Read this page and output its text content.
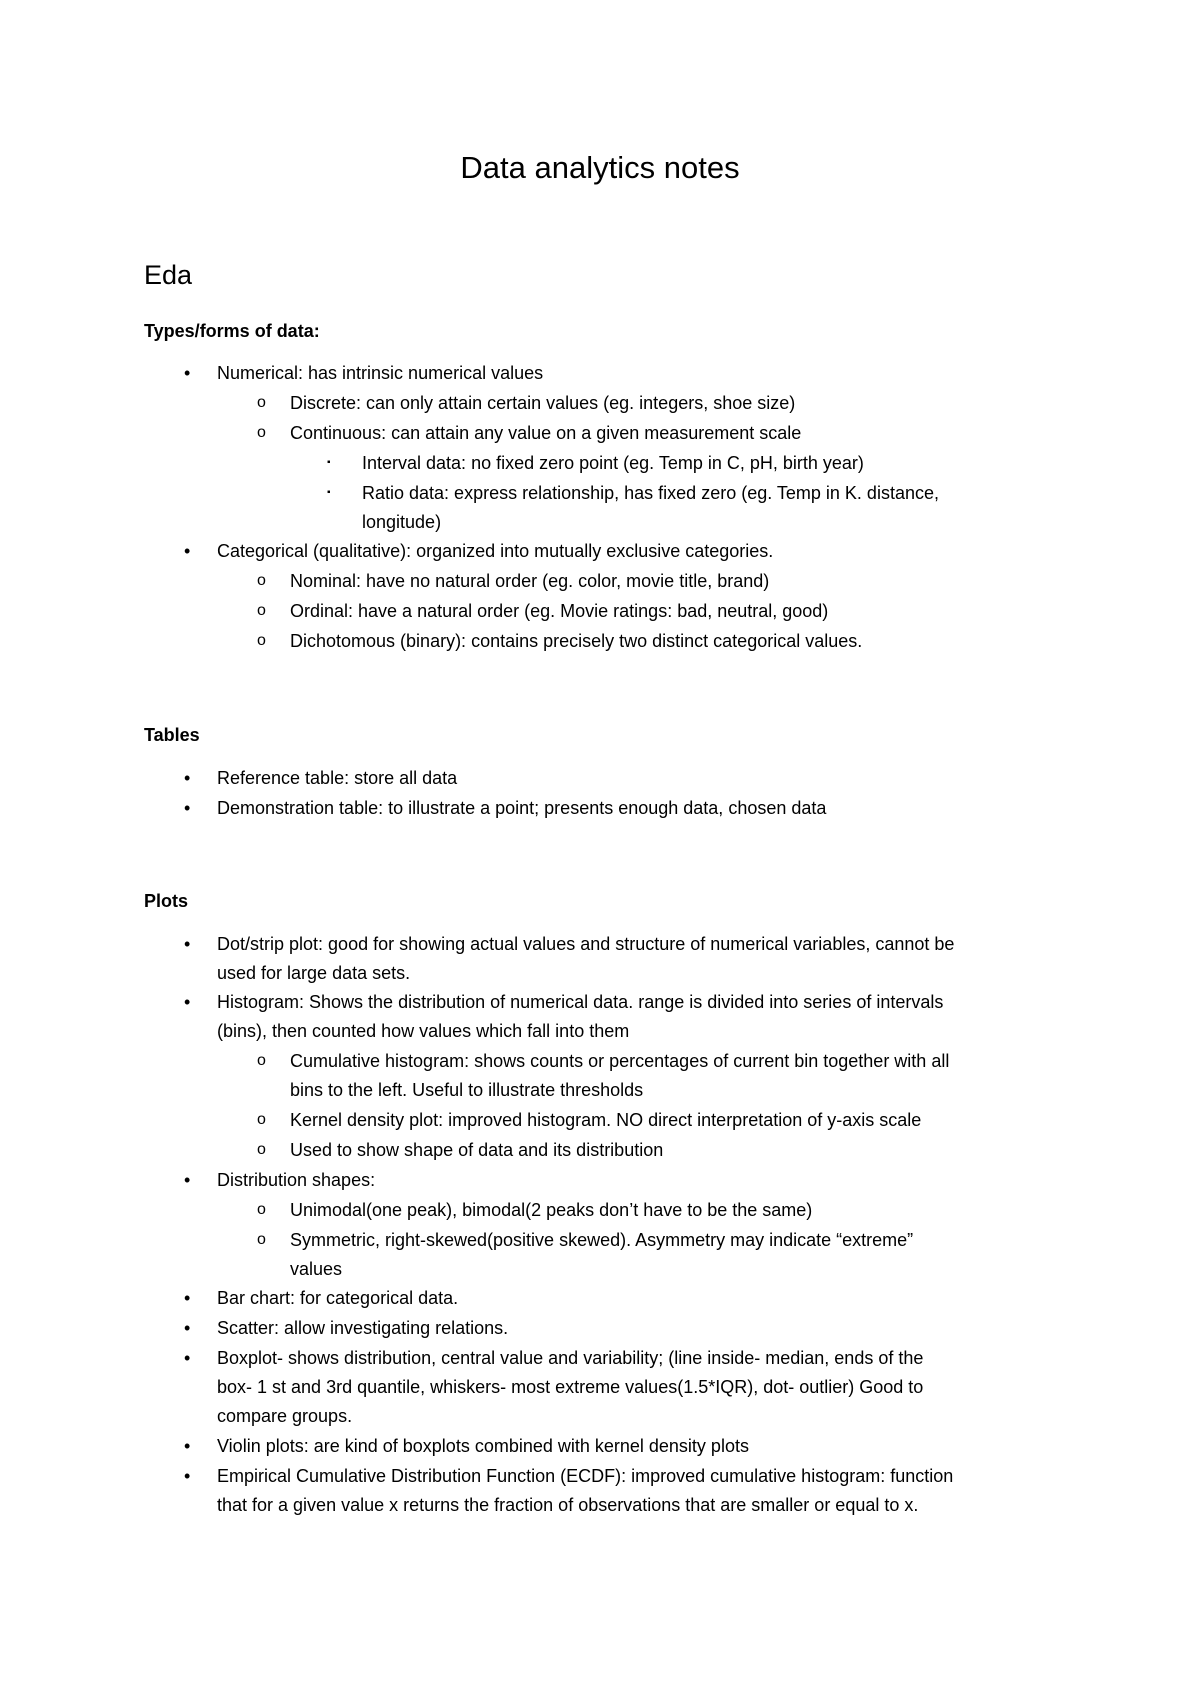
Data analytics notes
Eda
Types/forms of data:
• Numerical: has intrinsic numerical values
o Discrete: can only attain certain values (eg. integers, shoe size)
o Continuous: can attain any value on a given measurement scale
▪ Interval data: no fixed zero point (eg. Temp in C, pH, birth year)
▪ Ratio data: express relationship, has fixed zero (eg. Temp in K. distance,
longitude)
• Categorical (qualitative): organized into mutually exclusive categories.
o Nominal: have no natural order (eg. color, movie title, brand)
o Ordinal: have a natural order (eg. Movie ratings: bad, neutral, good)
o Dichotomous (binary): contains precisely two distinct categorical values.
Tables
• Reference table: store all data
• Demonstration table: to illustrate a point; presents enough data, chosen data
Plots
• Dot/strip plot: good for showing actual values and structure of numerical variables, cannot be
used for large data sets.
• Histogram: Shows the distribution of numerical data. range is divided into series of intervals
(bins), then counted how values which fall into them
o Cumulative histogram: shows counts or percentages of current bin together with all
bins to the left. Useful to illustrate thresholds
o Kernel density plot: improved histogram. NO direct interpretation of y-axis scale
o Used to show shape of data and its distribution
• Distribution shapes:
o Unimodal(one peak), bimodal(2 peaks don’t have to be the same)
o Symmetric, right-skewed(positive skewed). Asymmetry may indicate “extreme”
values
• Bar chart: for categorical data.
• Scatter: allow investigating relations.
• Boxplot- shows distribution, central value and variability; (line inside- median, ends of the
box- 1 st and 3rd quantile, whiskers- most extreme values(1.5*IQR), dot- outlier) Good to
compare groups.
• Violin plots: are kind of boxplots combined with kernel density plots
• Empirical Cumulative Distribution Function (ECDF): improved cumulative histogram: function
that for a given value x returns the fraction of observations that are smaller or equal to x.
